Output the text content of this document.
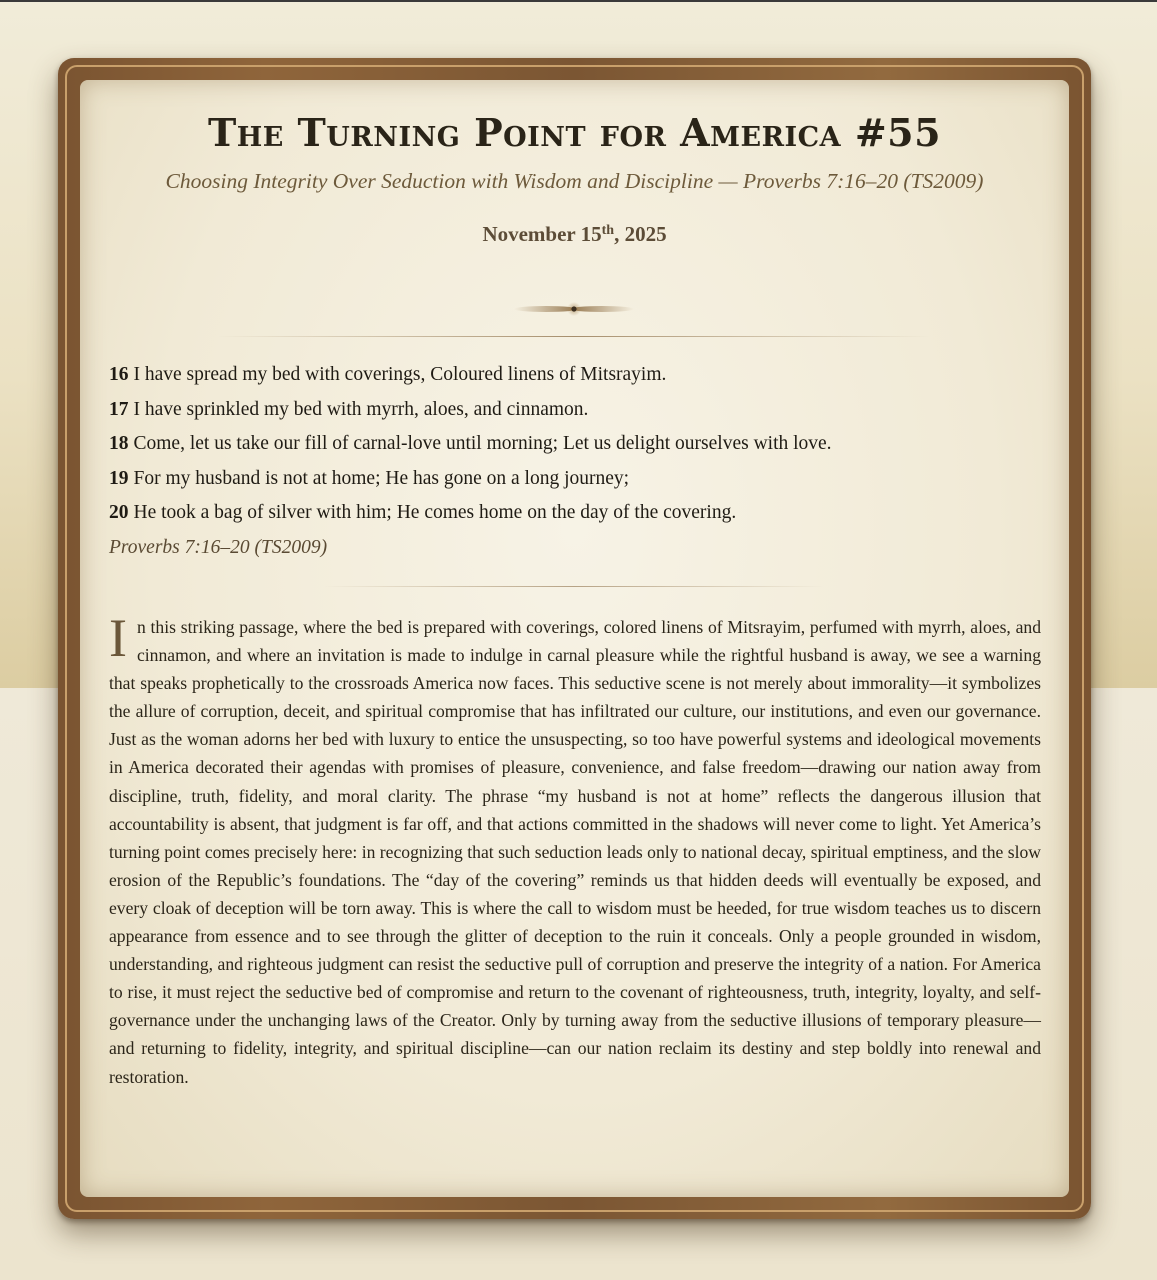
The Turning Point for America #55
Choosing Integrity Over Seduction with Wisdom and Discipline — Proverbs 7:16–20 (TS2009)
November 15th, 2025
16 I have spread my bed with coverings, Coloured linens of Mitsrayim.
17 I have sprinkled my bed with myrrh, aloes, and cinnamon.
18 Come, let us take our fill of carnal-love until morning; Let us delight ourselves with love.
19 For my husband is not at home; He has gone on a long journey;
20 He took a bag of silver with him; He comes home on the day of the covering.
Proverbs 7:16–20 (TS2009)

In this striking passage, where the bed is prepared with coverings, colored linens of Mitsrayim, perfumed with myrrh, aloes, and cinnamon, and where an invitation is made to indulge in carnal pleasure while the rightful husband is away, we see a warning that speaks prophetically to the crossroads America now faces. This seductive scene is not merely about immorality—it symbolizes the allure of corruption, deceit, and spiritual compromise that has infiltrated our culture, our institutions, and even our governance. Just as the woman adorns her bed with luxury to entice the unsuspecting, so too have powerful systems and ideological movements in America decorated their agendas with promises of pleasure, convenience, and false freedom—drawing our nation away from discipline, truth, fidelity, and moral clarity. The phrase “my husband is not at home” reflects the dangerous illusion that accountability is absent, that judgment is far off, and that actions committed in the shadows will never come to light. Yet America’s turning point comes precisely here: in recognizing that such seduction leads only to national decay, spiritual emptiness, and the slow erosion of the Republic’s foundations. The “day of the covering” reminds us that hidden deeds will eventually be exposed, and every cloak of deception will be torn away. This is where the call to wisdom must be heeded, for true wisdom teaches us to discern appearance from essence and to see through the glitter of deception to the ruin it conceals. Only a people grounded in wisdom, understanding, and righteous judgment can resist the seductive pull of corruption and preserve the integrity of a nation. For America to rise, it must reject the seductive bed of compromise and return to the covenant of righteousness, truth, integrity, loyalty, and self-governance under the unchanging laws of the Creator. Only by turning away from the seductive illusions of temporary pleasure—and returning to fidelity, integrity, and spiritual discipline—can our nation reclaim its destiny and step boldly into renewal and restoration.
